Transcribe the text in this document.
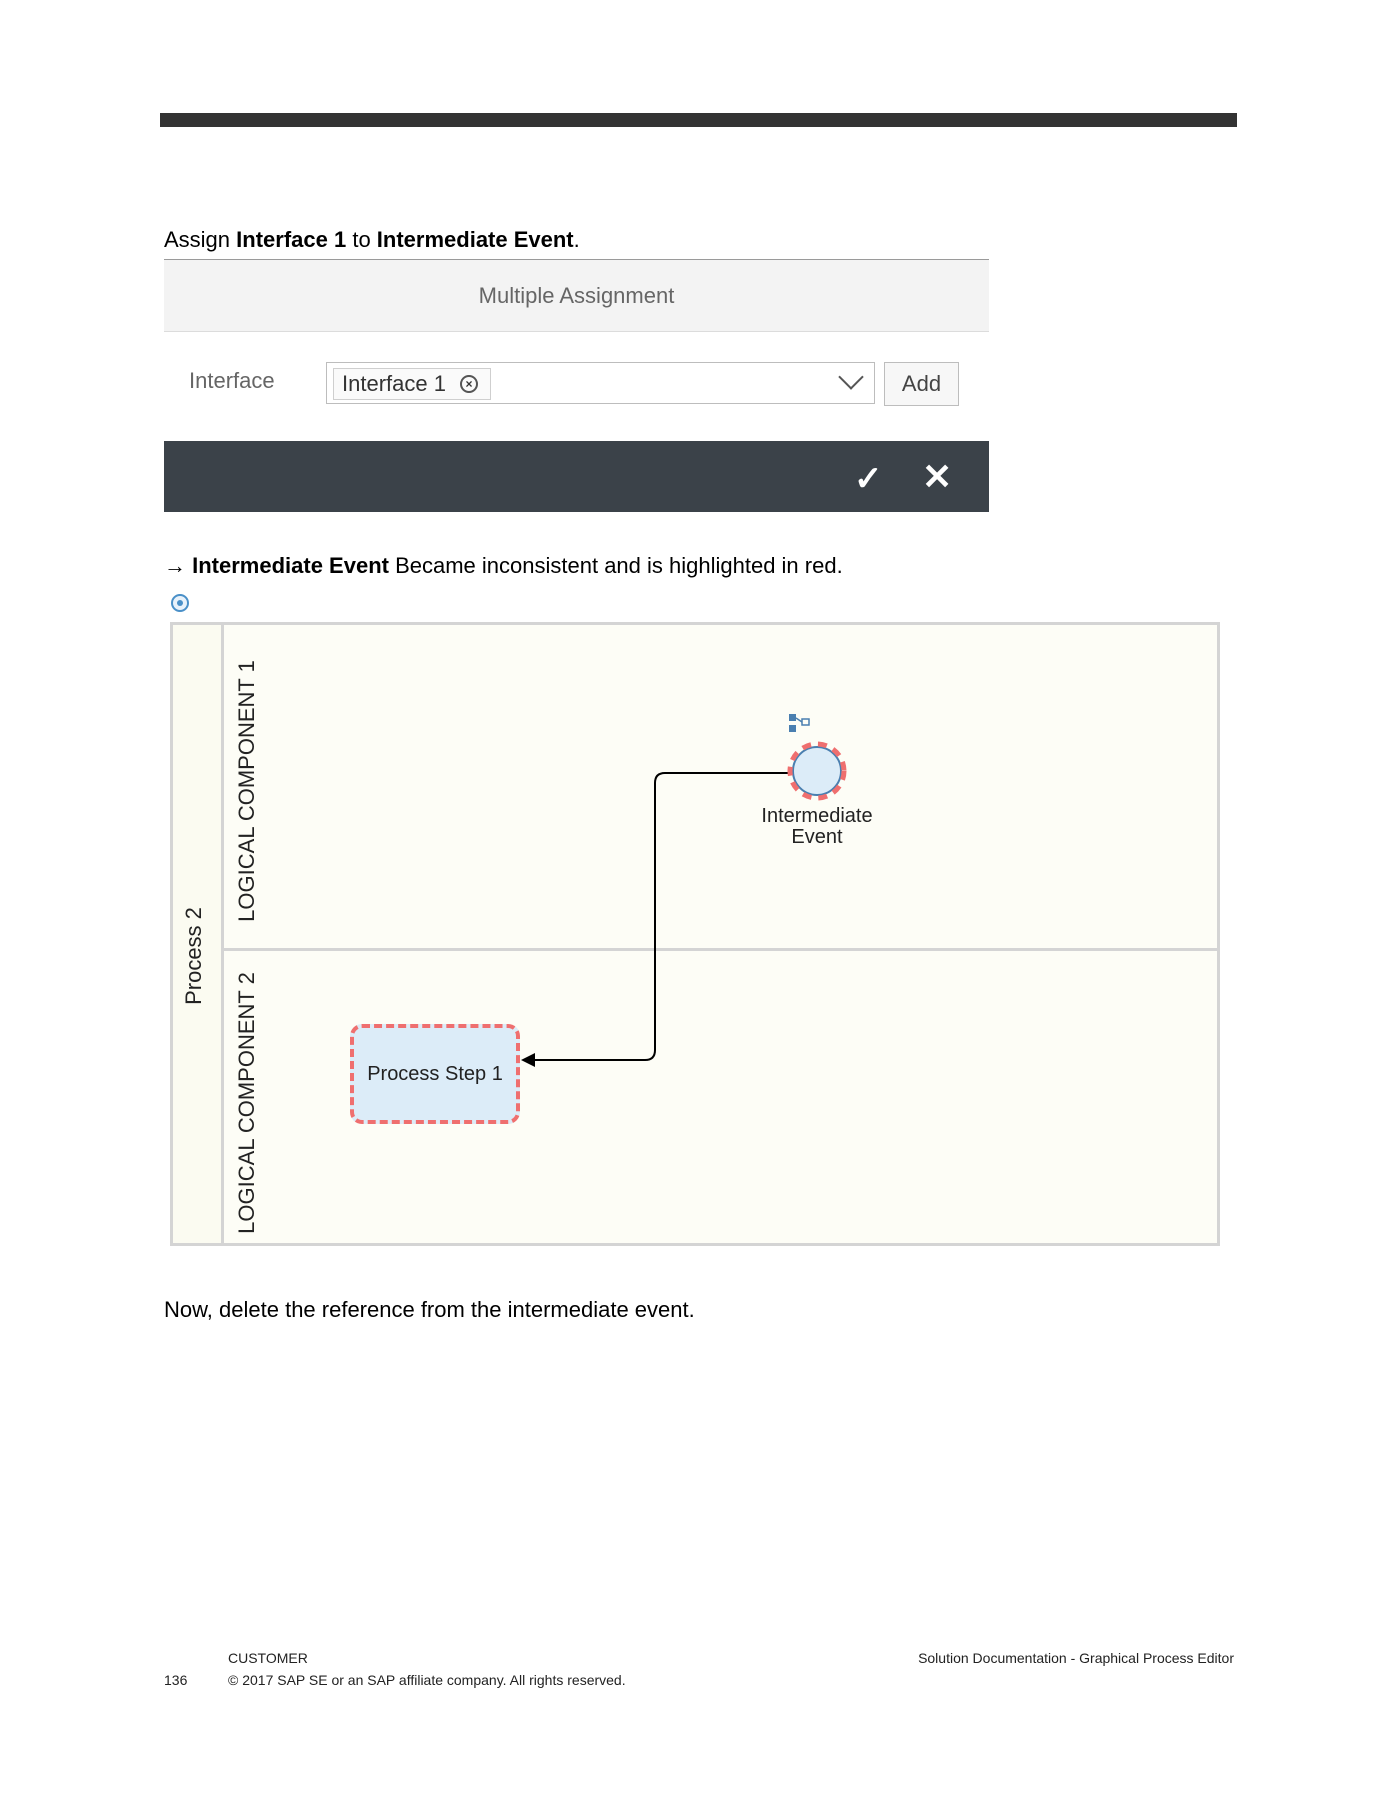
Assign Interface 1 to Intermediate Event.
Multiple Assignment
Interface	Interface 1	×	Add
✓ ✕
→ Intermediate Event Became inconsistent and is highlighted in red.
Process 2
LOGICAL COMPONENT 1
LOGICAL COMPONENT 2
Intermediate
Event
Process Step 1
Now, delete the reference from the intermediate event.
CUSTOMER
136	© 2017 SAP SE or an SAP affiliate company. All rights reserved.
Solution Documentation - Graphical Process Editor
